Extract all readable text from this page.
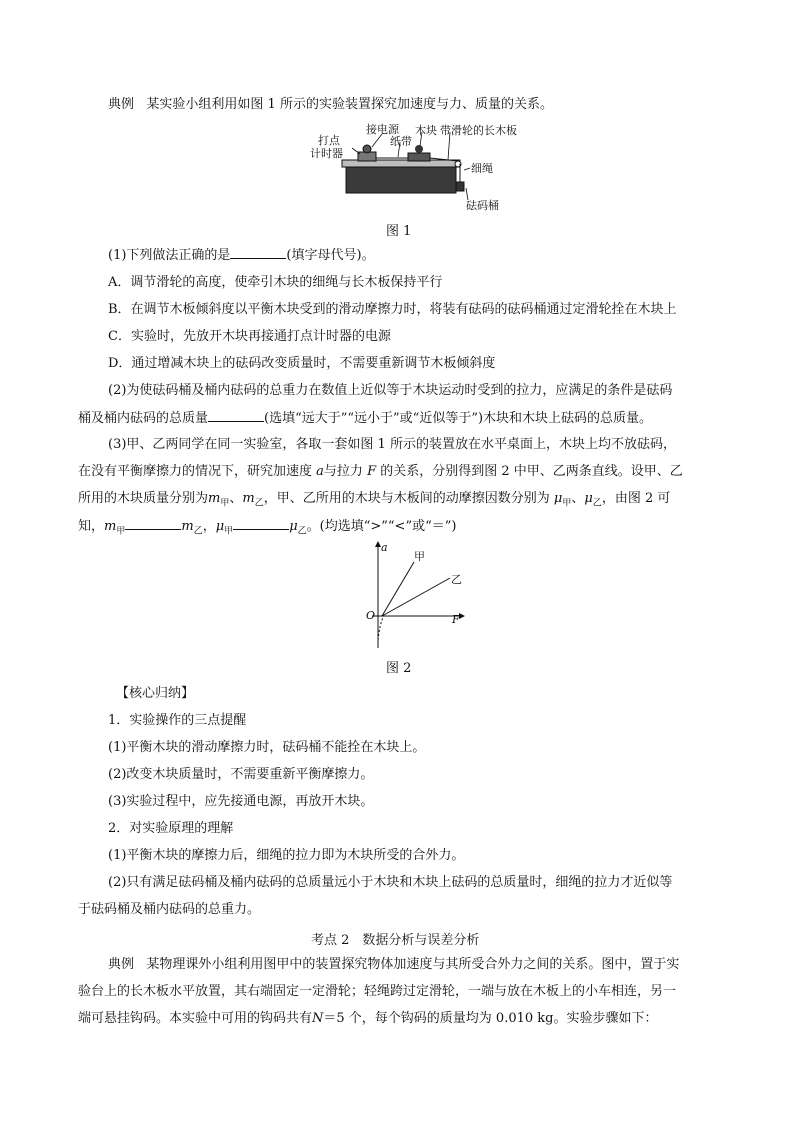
典例 某实验小组利用如图 1 所示的实验装置探究加速度与力、质量的关系。
打点
计时器
接电源
纸带
木块 带滑轮的长木板
细绳
砝码桶
图 1
(1)下列做法正确的是	(填字母代号)。
A．调节滑轮的高度，使牵引木块的细绳与长木板保持平行
B．在调节木板倾斜度以平衡木块受到的滑动摩擦力时，将装有砝码的砝码桶通过定滑轮拴在木块上
C．实验时，先放开木块再接通打点计时器的电源
D．通过增减木块上的砝码改变质量时，不需要重新调节木板倾斜度
(2)为使砝码桶及桶内砝码的总重力在数值上近似等于木块运动时受到的拉力，应满足的条件是砝码
桶及桶内砝码的总质量	(选填“远大于”“远小于”或“近似等于”)木块和木块上砝码的总质量。
(3)甲、乙两同学在同一实验室，各取一套如图 1 所示的装置放在水平桌面上，木块上均不放砝码，
在没有平衡摩擦力的情况下，研究加速度 a与拉力 F 的关系，分别得到图 2 中甲、乙两条直线。设甲、乙
所用的木块质量分别为$m_甲$、$m_乙$，甲、乙所用的木块与木板间的动摩擦因数分别为 $\mu_甲$、$\mu_乙$，由图 2 可
知，$m_甲$	$m_乙$，$\mu_甲$	$\mu_乙$。(均选填“>”“<”或“＝”)
a
F
O
甲
乙
图 2
【核心归纳】
1．实验操作的三点提醒
(1)平衡木块的滑动摩擦力时，砝码桶不能拴在木块上。
(2)改变木块质量时，不需要重新平衡摩擦力。
(3)实验过程中，应先接通电源，再放开木块。
2．对实验原理的理解
(1)平衡木块的摩擦力后，细绳的拉力即为木块所受的合外力。
(2)只有满足砝码桶及桶内砝码的总质量远小于木块和木块上砝码的总质量时，细绳的拉力才近似等
于砝码桶及桶内砝码的总重力。
考点 2　数据分析与误差分析
典例 某物理课外小组利用图甲中的装置探究物体加速度与其所受合外力之间的关系。图中，置于实
验台上的长木板水平放置，其右端固定一定滑轮；轻绳跨过定滑轮，一端与放在木板上的小车相连，另一
端可悬挂钩码。本实验中可用的钩码共有N＝5 个，每个钩码的质量均为 0.010 kg。实验步骤如下：
